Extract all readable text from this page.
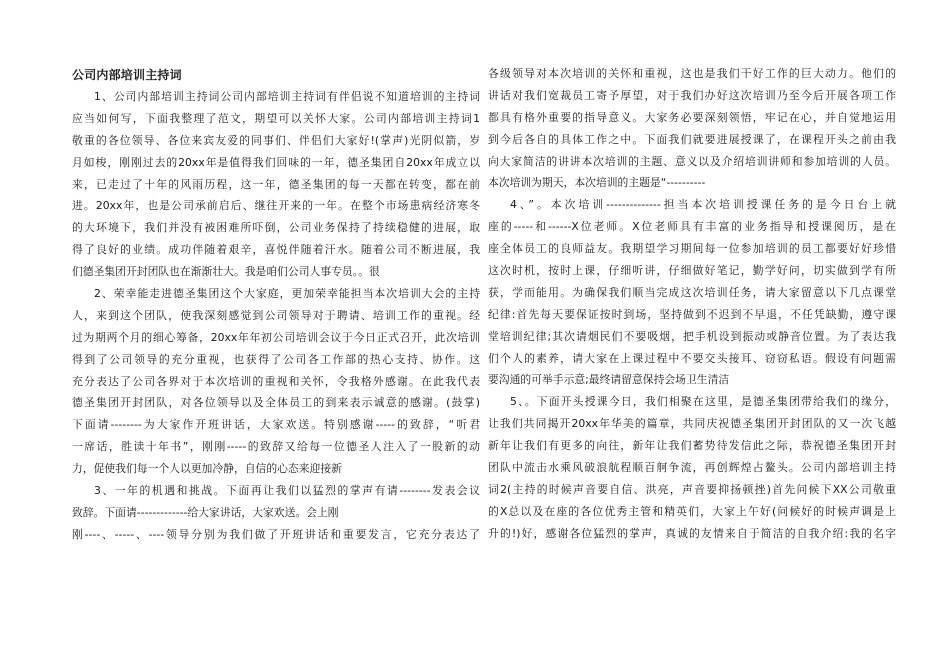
公司内部培训主持词
1、公司内部培训主持词公司内部培训主持词有伴侣说不知道培训的主持词
应当如何写，下面我整理了范文，期望可以关怀大家。公司内部培训主持词1
敬重的各位领导、各位来宾友爱的同事们、伴侣们大家好!(掌声)光阴似箭，岁
月如梭，刚刚过去的20xx年是值得我们回味的一年，德圣集团自20xx年成立以
来，已走过了十年的风雨历程，这一年，德圣集团的每一天都在转变，都在前
进。20xx年，也是公司承前启后、继往开来的一年。在整个市场患病经济寒冬
的大环境下，我们并没有被困难所吓倒，公司业务保持了持续稳健的进展，取
得了良好的业绩。成功伴随着艰辛，喜悦伴随着汗水。随着公司不断进展，我
们德圣集团开封团队也在渐渐壮大。我是咱们公司人事专员。。很
2、荣幸能走进德圣集团这个大家庭，更加荣幸能担当本次培训大会的主持
人，来到这个团队，使我深刻感觉到公司领导对于聘请、培训工作的重视。经
过为期两个月的细心筹备，20xx年年初公司培训会议于今日正式召开，此次培训
得到了公司领导的充分重视，也获得了公司各工作部的热心支持、协作。这
充分表达了公司各界对于本次培训的重视和关怀，令我格外感谢。在此我代表
德圣集团开封团队，对各位领导以及全体员工的到来表示诚意的感谢。(鼓掌)
下面请--------为大家作开班讲话，大家欢送。特别感谢-----的致辞，“听君
一席话，胜读十年书”，刚刚-----的致辞又给每一位德圣人注入了一股新的动
力，促使我们每一个人以更加冷静，自信的心态来迎接新
3、一年的机遇和挑战。下面再让我们以猛烈的掌声有请--------发表会议
致辞。下面请-------------给大家讲话，大家欢送。会上刚
刚----、-----、----领导分别为我们做了开班讲话和重要发言，它充分表达了
各级领导对本次培训的关怀和重视，这也是我们干好工作的巨大动力。他们的
讲话对我们宽裁员工寄予厚望，对于我们办好这次培训乃至今后开展各项工作
都具有格外重要的指导意义。大家务必要深刻领悟，牢记在心，并自觉地运用
到今后各自的具体工作之中。下面我们就要进展授课了，在课程开头之前由我
向大家简洁的讲讲本次培训的主题、意义以及介绍培训讲师和参加培训的人员。
本次培训为期天，本次培训的主题是“----------
4、”。本次培训--------------担当本次培训授课任务的是今日台上就
座的-----和------X位老师。X位老师具有丰富的业务指导和授课阅历，是在
座全体员工的良师益友。我期望学习期间每一位参加培训的员工都要好好珍惜
这次时机，按时上课，仔细听讲，仔细做好笔记，勤学好问，切实做到学有所
获，学而能用。为确保我们顺当完成这次培训任务，请大家留意以下几点课堂
纪律:首先每天要保证按时到场，坚持做到不迟到不早退，不任凭缺勤，遵守课
堂培训纪律;其次请烟民们不要吸烟，把手机设到振动或静音位置。为了表达我
们个人的素养，请大家在上课过程中不要交头接耳、窃窃私语。假设有问题需
要沟通的可举手示意;最终请留意保持会场卫生清洁
5、。下面开头授课今日，我们相聚在这里，是德圣集团带给我们的缘分，
让我们共同揭开20xx年华美的篇章，共同庆祝德圣集团开封团队的又一次飞越
新年让我们有更多的向往，新年让我们蓄势待发信此之际，恭祝德圣集团开封
团队中流击水乘风破浪航程顺百舸争流，再创辉煌占鳌头。公司内部培训主持
词2(主持的时候声音要自信、洪亮，声音要抑扬顿挫)首先问候下XX公司敬重
的X总以及在座的各位优秀主管和精英们，大家上午好(问候好的时候声调是上
升的!)好，感谢各位猛烈的掌声，真诚的友情来自于简洁的自我介绍:我的名字
